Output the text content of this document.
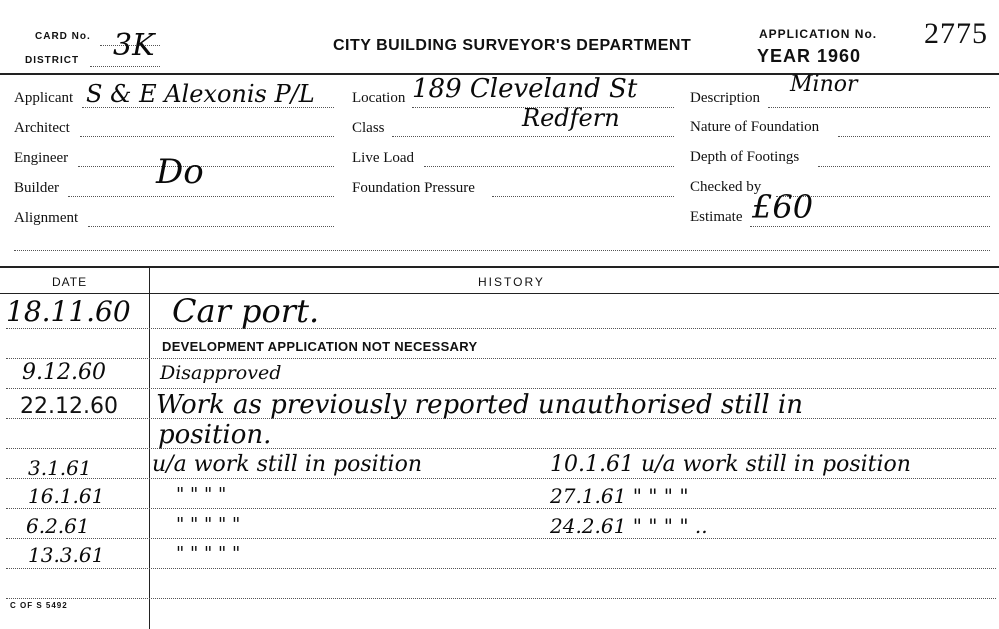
CARD No.
DISTRICT 3K	CITY BUILDING SURVEYOR'S DEPARTMENT
APPLICATION No. 2775
YEAR 1960
Applicant S & E Alexonis P/L
Architect
Engineer
Builder	Do
Alignment
Location 189 Cleveland St
Redfern
Class
Live Load
Foundation Pressure
Description
Minor
Nature of Foundation
Depth of Footings
Checked by
Estimate £60
DATE	HISTORY
18.11.60 Car port.
DEVELOPMENT APPLICATION NOT NECESSARY
9.12.60	Disapproved
22.12.60 Work as previously reported unauthorised still in
position.
3.1.61	u/a work still in position	10.1.61 u/a work still in position
16.1.61	" " " "	27.1.61 " " " "
6.2.61	" " " " "	24.2.61 " " " " ..
13.3.61	" " " " "
C OF S 5492
